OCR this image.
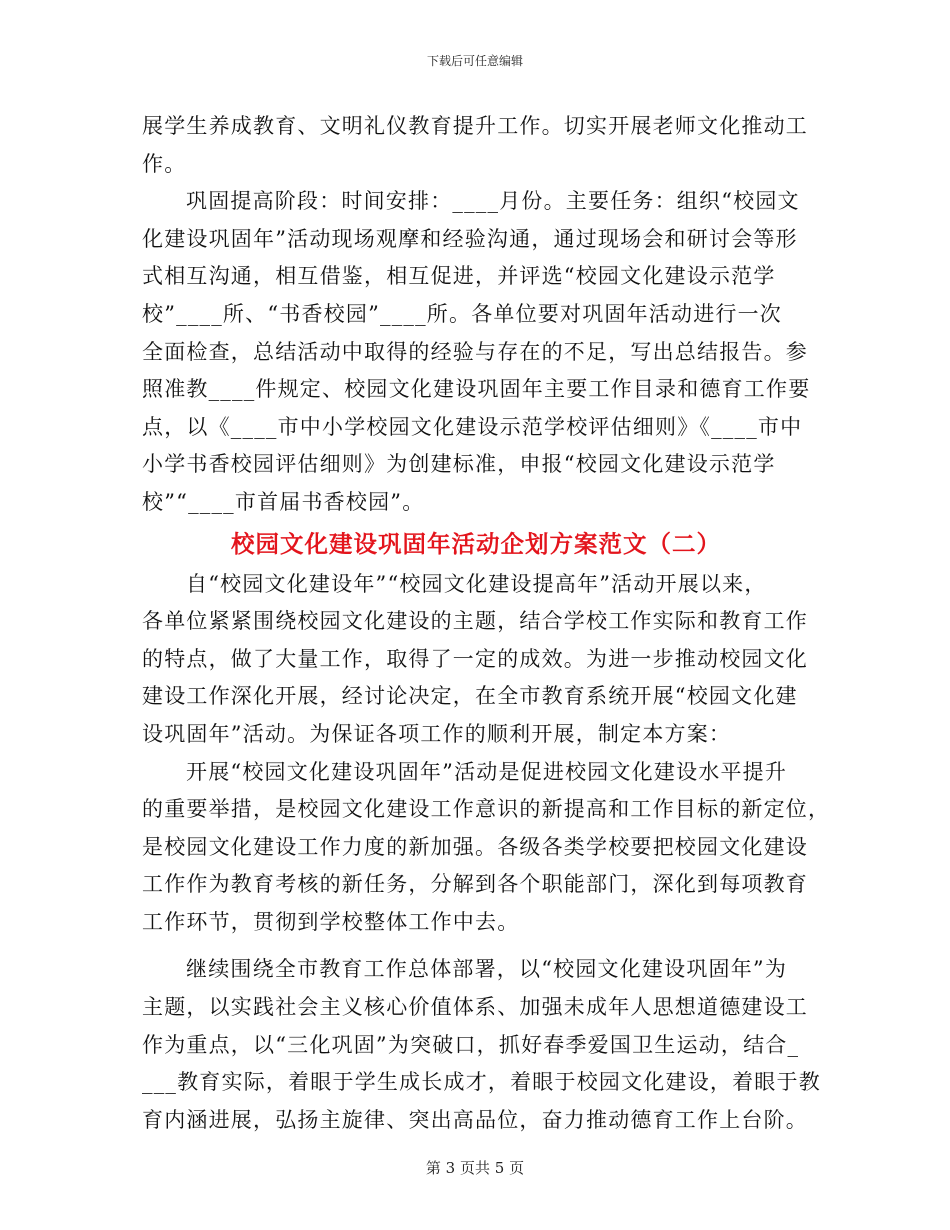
下载后可任意编辑
展学生养成教育、文明礼仪教育提升工作。切实开展老师文化推动工
作。
巩固提高阶段：时间安排：____月份。主要任务：组织“校园文
化建设巩固年”活动现场观摩和经验沟通，通过现场会和研讨会等形
式相互沟通，相互借鉴，相互促进，并评选“校园文化建设示范学
校”____所、“书香校园”____所。各单位要对巩固年活动进行一次
全面检查，总结活动中取得的经验与存在的不足，写出总结报告。参
照准教____件规定、校园文化建设巩固年主要工作目录和德育工作要
点，以《____市中小学校园文化建设示范学校评估细则》《____市中
小学书香校园评估细则》为创建标准，申报“校园文化建设示范学
校”“____市首届书香校园”。
校园文化建设巩固年活动企划方案范文（二）
自“校园文化建设年”“校园文化建设提高年”活动开展以来，
各单位紧紧围绕校园文化建设的主题，结合学校工作实际和教育工作
的特点，做了大量工作，取得了一定的成效。为进一步推动校园文化
建设工作深化开展，经讨论决定，在全市教育系统开展“校园文化建
设巩固年”活动。为保证各项工作的顺利开展，制定本方案：
开展“校园文化建设巩固年”活动是促进校园文化建设水平提升
的重要举措，是校园文化建设工作意识的新提高和工作目标的新定位，
是校园文化建设工作力度的新加强。各级各类学校要把校园文化建设
工作作为教育考核的新任务，分解到各个职能部门，深化到每项教育
工作环节，贯彻到学校整体工作中去。
继续围绕全市教育工作总体部署，以“校园文化建设巩固年”为
主题，以实践社会主义核心价值体系、加强未成年人思想道德建设工
作为重点，以“三化巩固”为突破口，抓好春季爱国卫生运动，结合_
___教育实际，着眼于学生成长成才，着眼于校园文化建设，着眼于教
育内涵进展，弘扬主旋律、突出高品位，奋力推动德育工作上台阶。
第 3 页共 5 页
